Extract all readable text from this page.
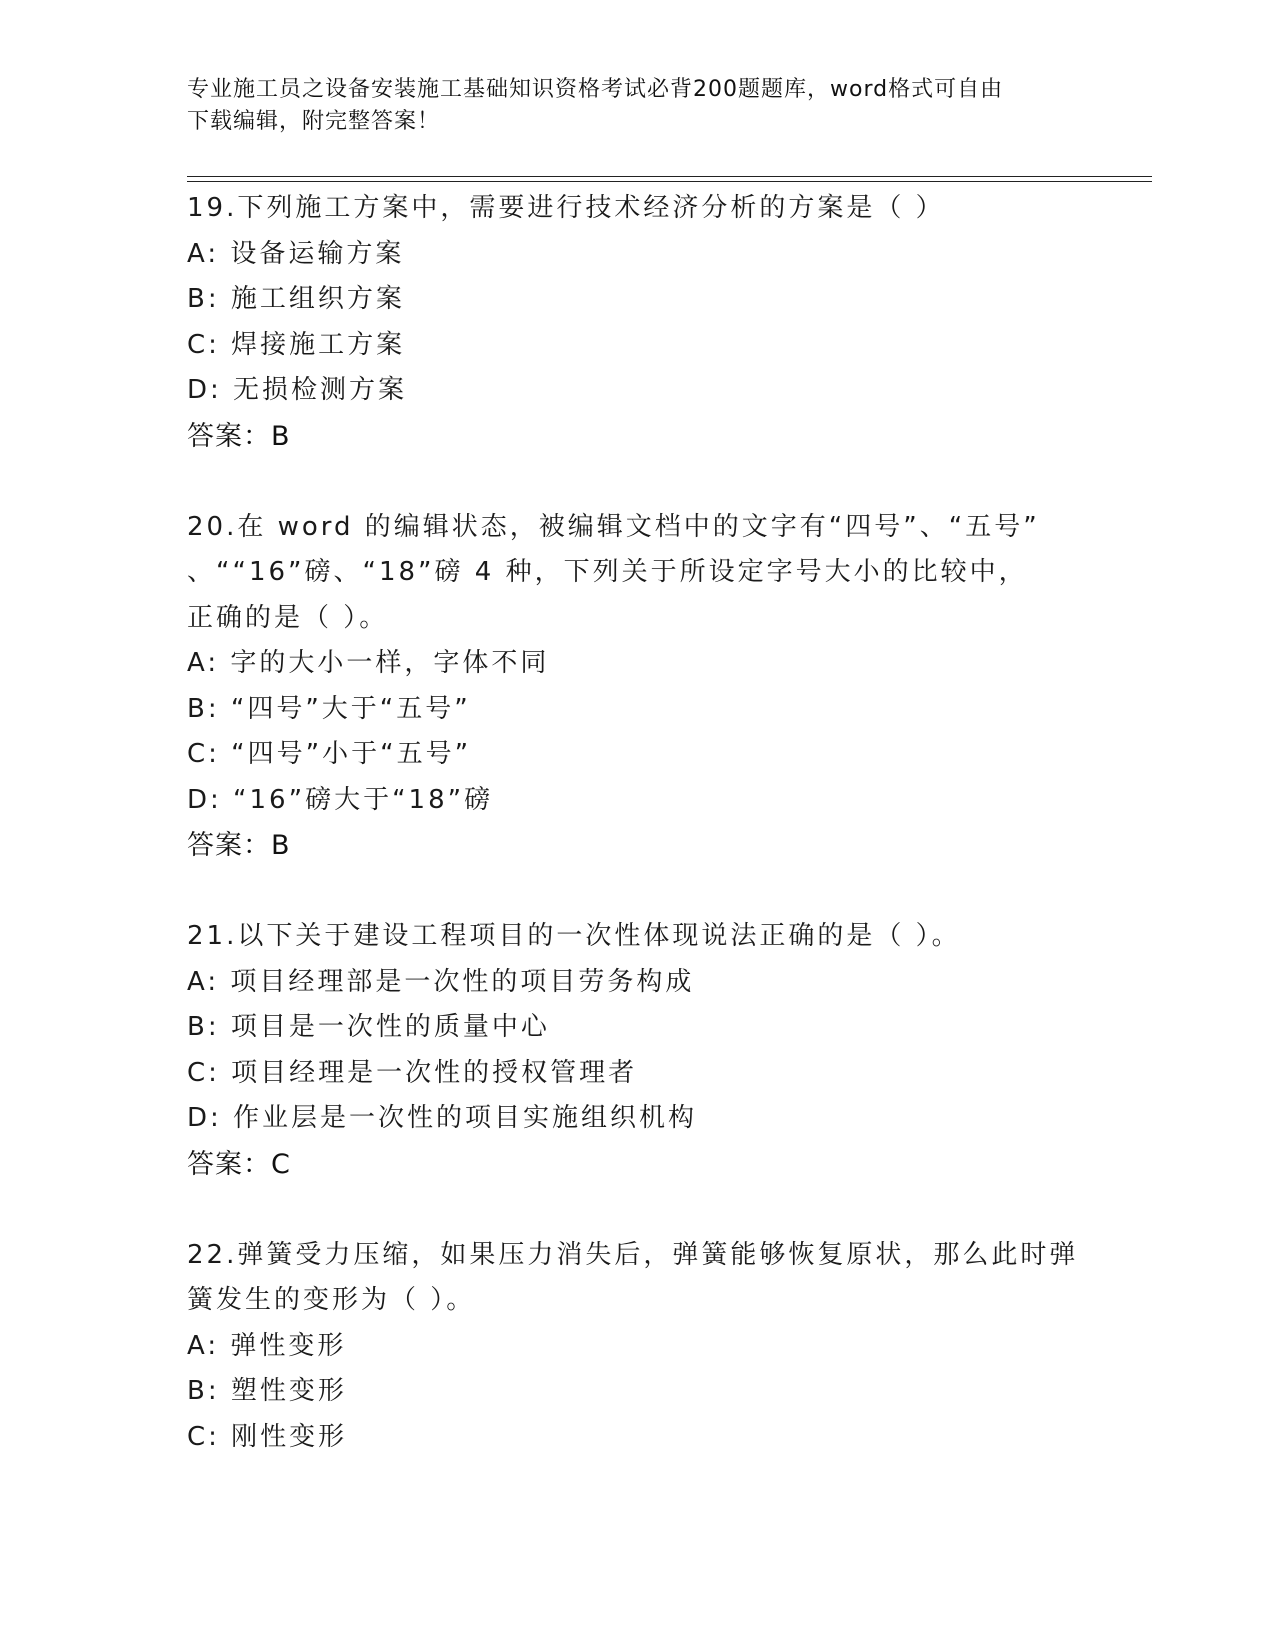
专业施工员之设备安装施工基础知识资格考试必背200题题库，word格式可自由
下载编辑，附完整答案！
19.下列施工方案中，需要进行技术经济分析的方案是（ ）
A: 设备运输方案
B: 施工组织方案
C: 焊接施工方案
D: 无损检测方案
答案：B
20.在 word 的编辑状态，被编辑文档中的文字有“四号”、“五号”
、““16”磅、“18”磅 4 种，下列关于所设定字号大小的比较中，
正确的是（ ）。
A: 字的大小一样，字体不同
B: “四号”大于“五号”
C: “四号”小于“五号”
D: “16”磅大于“18”磅
答案：B
21.以下关于建设工程项目的一次性体现说法正确的是（ ）。
A: 项目经理部是一次性的项目劳务构成
B: 项目是一次性的质量中心
C: 项目经理是一次性的授权管理者
D: 作业层是一次性的项目实施组织机构
答案：C
22.弹簧受力压缩，如果压力消失后，弹簧能够恢复原状，那么此时弹
簧发生的变形为（ ）。
A: 弹性变形
B: 塑性变形
C: 刚性变形
